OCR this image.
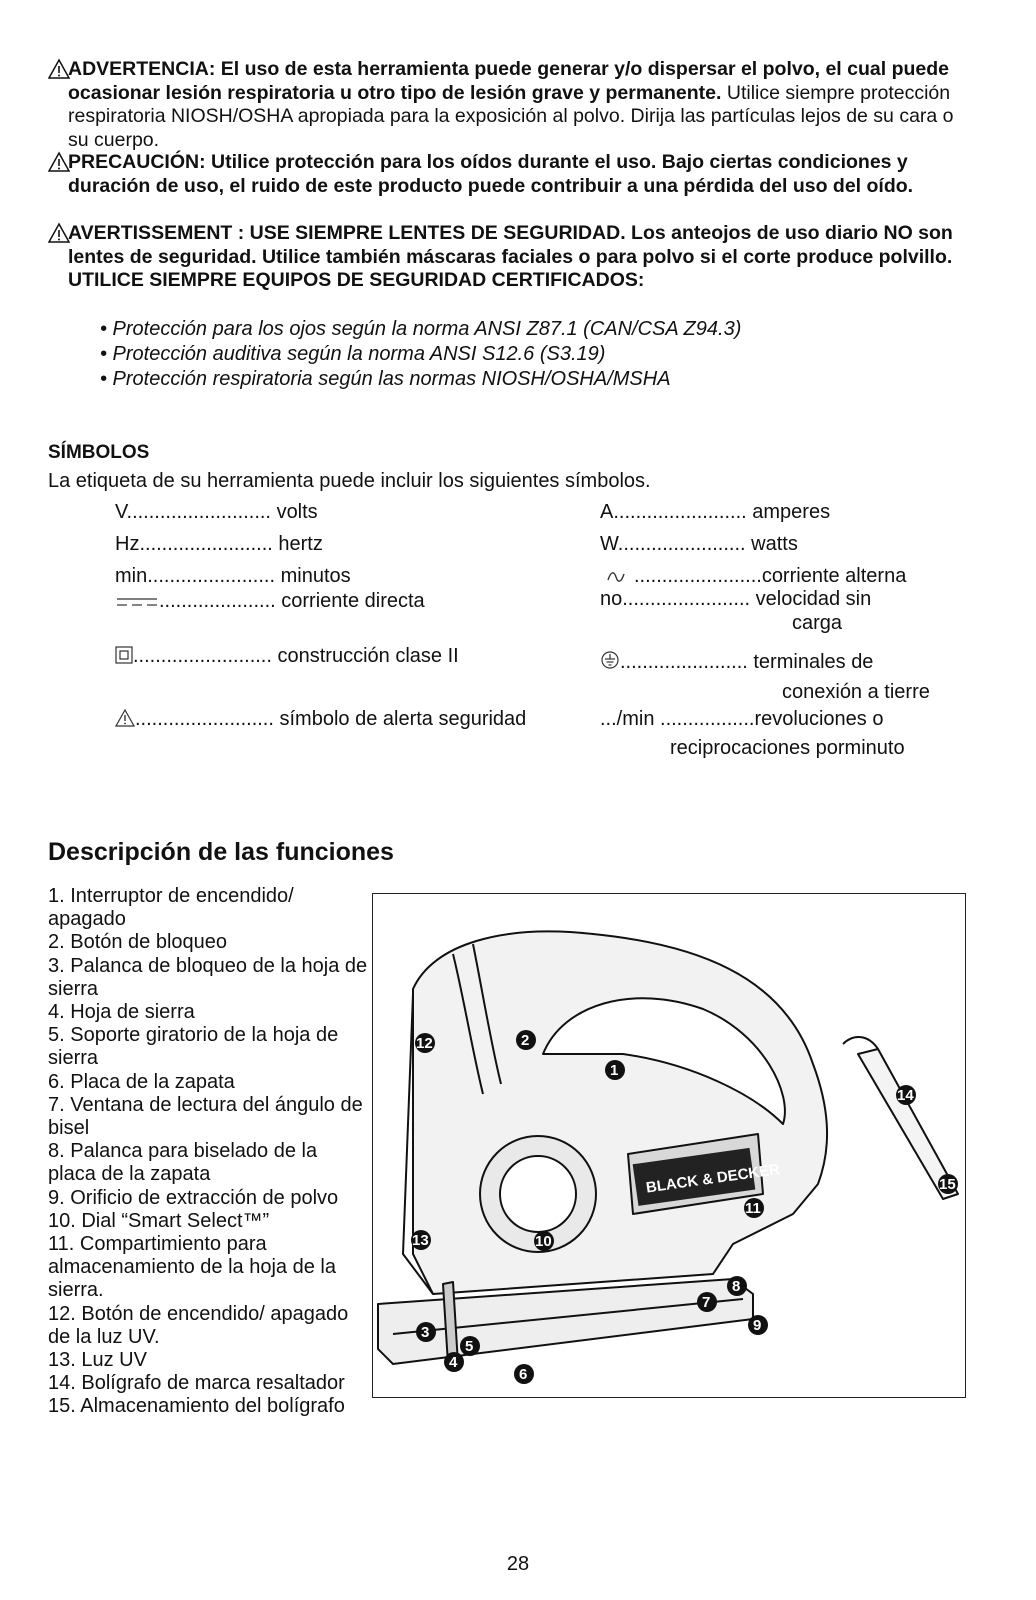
ADVERTENCIA: El uso de esta herramienta puede generar y/o dispersar el polvo, el cual puede ocasionar lesión respiratoria u otro tipo de lesión grave y permanente. Utilice siempre protección respiratoria NIOSH/OSHA apropiada para la exposición al polvo. Dirija las partículas lejos de su cara o su cuerpo.
PRECAUCIÓN: Utilice protección para los oídos durante el uso. Bajo ciertas condiciones y duración de uso, el ruido de este producto puede contribuir a una pérdida del uso del oído.
AVERTISSEMENT : USE SIEMPRE LENTES DE SEGURIDAD. Los anteojos de uso diario NO son lentes de seguridad. Utilice también máscaras faciales o para polvo si el corte produce polvillo. UTILICE SIEMPRE EQUIPOS DE SEGURIDAD CERTIFICADOS:
• Protección para los ojos según la norma ANSI Z87.1 (CAN/CSA Z94.3)
• Protección auditiva según la norma ANSI S12.6 (S3.19)
• Protección respiratoria según las normas NIOSH/OSHA/MSHA
SÍMBOLOS
La etiqueta de su herramienta puede incluir los siguientes símbolos.
V.......................... volts
Hz........................ hertz
min....................... minutos
..................... corriente directa
......................... construcción clase II
......................... símbolo de alerta seguridad
A........................ amperes
W....................... watts
.......................corriente alterna
no....................... velocidad sin
carga
....................... terminales de
conexión a tierre
.../min .................revoluciones o
reciprocaciones porminuto
Descripción de las funciones
1. Interruptor de encendido/ apagado
2. Botón de bloqueo
3. Palanca de bloqueo de la hoja de sierra
4. Hoja de sierra
5. Soporte giratorio de la hoja de sierra
6. Placa de la zapata
7. Ventana de lectura del ángulo de bisel
8. Palanca para biselado de la placa de la zapata
9. Orificio de extracción de polvo
10. Dial “Smart Select™”
11. Compartimiento para almacenamiento de la hoja de la sierra.
12. Botón de encendido/ apagado de la luz UV.
13. Luz UV
14. Bolígrafo de marca resaltador
15. Almacenamiento del bolígrafo
BLACK & DECKER
1
2
3
4
5
6
7
8
9
10
11
12
13
14
15
28
